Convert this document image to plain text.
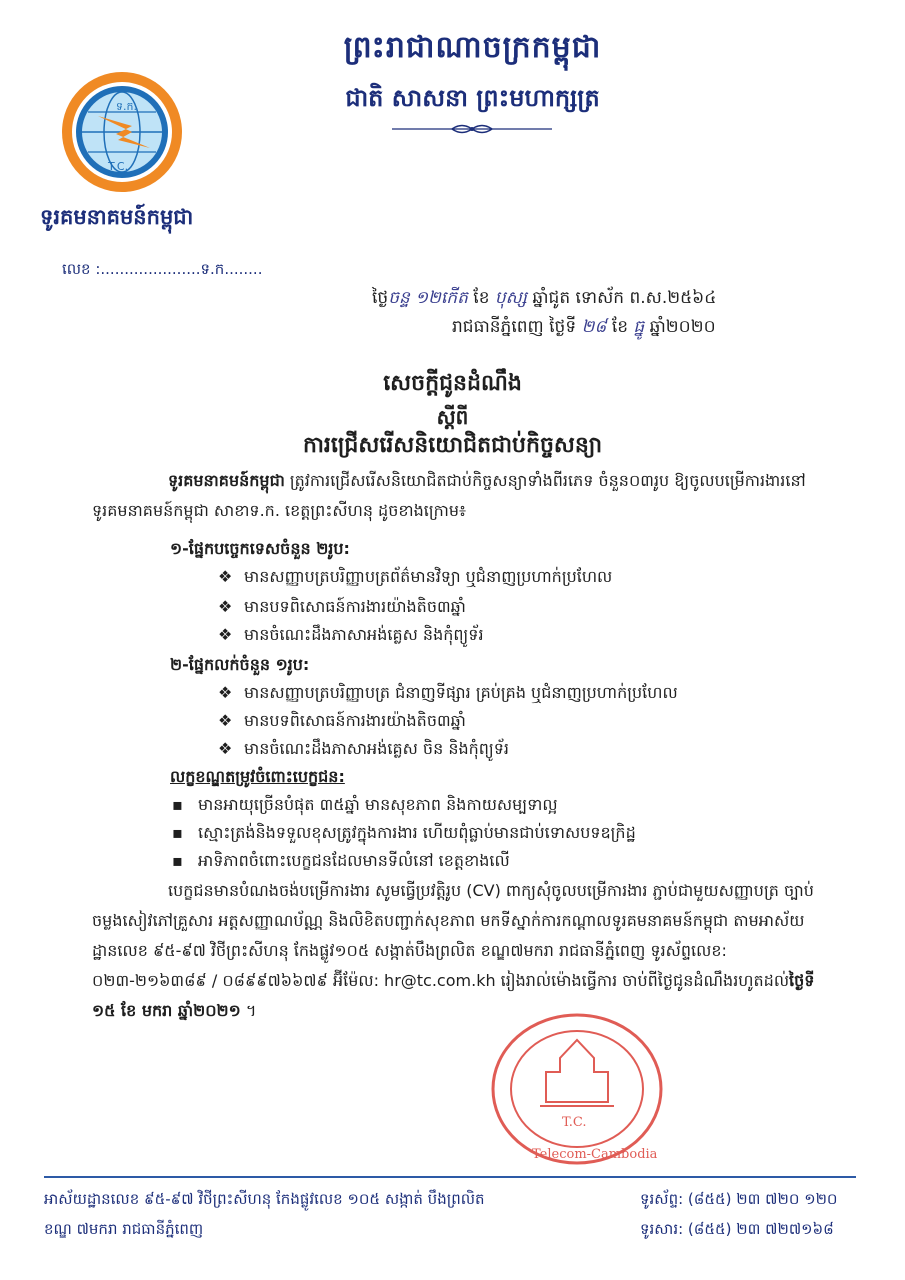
ព្រះរាជាណាចក្រកម្ពុជា
ជាតិ សាសនា ព្រះមហាក្សត្រ
ទ.ក.
T.C.
ទូរគមនាគមន៍កម្ពុជា
លេខ :.....................ទ.ក........
ថ្ងៃចន្ទ ១២កើត ខែ បុស្ស ឆ្នាំជូត ទោស័ក ព.ស.២៥៦៤
រាជធានីភ្នំពេញ ថ្ងៃទី ២៨ ខែ ធ្នូ ឆ្នាំ២០២០
សេចក្តីជូនដំណឹង
ស្តីពី
ការជ្រើសរើសនិយោជិតជាប់កិច្ចសន្យា
ទូរគមនាគមន៍កម្ពុជា ត្រូវការជ្រើសរើសនិយោជិតជាប់កិច្ចសន្យាទាំងពីរភេទ ចំនួន០៣រូប ឱ្យចូលបម្រើការងារនៅទូរគមនាគមន៍កម្ពុជា សាខាទ.ក. ខេត្តព្រះសីហនុ ដូចខាងក្រោម៖
១-ផ្នែកបច្ចេកទេសចំនួន ២រូប:
❖ មានសញ្ញាបត្របរិញ្ញាបត្រព័ត៌មានវិទ្យា ឬជំនាញប្រហាក់ប្រហែល
❖ មានបទពិសោធន៍ការងារយ៉ាងតិច៣ឆ្នាំ
❖ មានចំណេះដឹងភាសាអង់គ្លេស និងកុំព្យូទ័រ
២-ផ្នែកលក់ចំនួន ១រូប:
❖ មានសញ្ញាបត្របរិញ្ញាបត្រ ជំនាញទីផ្សារ គ្រប់គ្រង ឬជំនាញប្រហាក់ប្រហែល
❖ មានបទពិសោធន៍ការងារយ៉ាងតិច៣ឆ្នាំ
❖ មានចំណេះដឹងភាសាអង់គ្លេស ចិន និងកុំព្យូទ័រ
លក្ខខណ្ឌតម្រូវចំពោះបេក្ខជន:
▪ មានអាយុច្រើនបំផុត ៣៥ឆ្នាំ មានសុខភាព និងកាយសម្បទាល្អ
▪ ស្មោះត្រង់និងទទួលខុសត្រូវក្នុងការងារ ហើយពុំធ្លាប់មានជាប់ទោសបទឧក្រិដ្ឋ
▪ អាទិភាពចំពោះបេក្ខជនដែលមានទីលំនៅ ខេត្តខាងលើ
បេក្ខជនមានបំណងចង់បម្រើការងារ សូមធ្វើប្រវត្តិរូប (CV) ពាក្យសុំចូលបម្រើការងារ ភ្ជាប់ជាមួយសញ្ញាបត្រ ច្បាប់ចម្លងសៀវភៅគ្រួសារ អត្តសញ្ញាណប័ណ្ណ និងលិខិតបញ្ជាក់សុខភាព មកទីស្នាក់ការកណ្តាលទូរគមនាគមន៍កម្ពុជា តាមអាស័យដ្ឋានលេខ ៩៥-៩៧ វិថីព្រះសីហនុ កែងផ្លូវ១០៥ សង្កាត់បឹងព្រលិត ខណ្ឌ៧មករា រាជធានីភ្នំពេញ ទូរស័ព្ទលេខ: ០២៣-២១៦៣៨៩ / ០៨៩៩៧៦៦៧៩ អ៊ីម៉ែល: hr@tc.com.kh រៀងរាល់ម៉ោងធ្វើការ ចាប់ពីថ្ងៃជូនដំណឹងរហូតដល់ថ្ងៃទី ១៥ ខែ មករា ឆ្នាំ២០២១ ។
T.C.
Telecom-Cambodia
អាស័យដ្ឋានលេខ ៩៥-៩៧ វិថីព្រះសីហនុ កែងផ្លូវលេខ ១០៥ សង្កាត់ បឹងព្រលិត
ខណ្ឌ ៧មករា រាជធានីភ្នំពេញ
ទូរស័ព្ទ: (៨៥៥) ២៣ ៧២០ ១២០
ទូរសារ: (៨៥៥) ២៣ ៧២៧១៦៨
